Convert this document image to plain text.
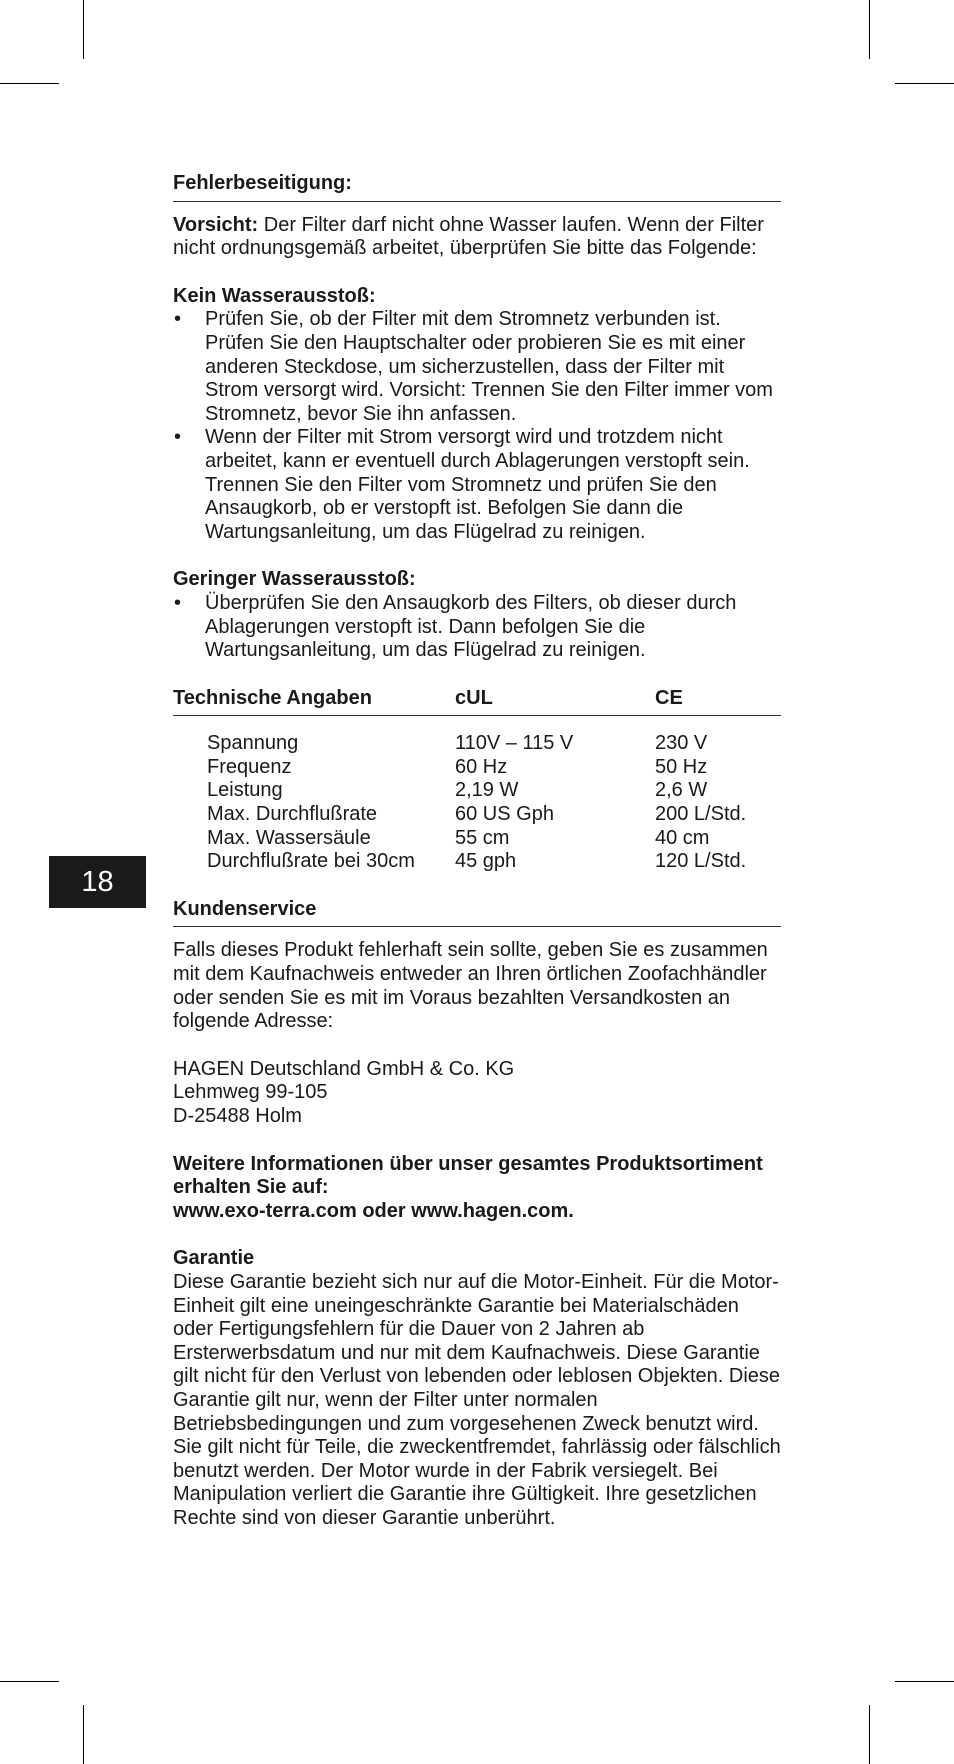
18

Fehlerbeseitigung:

Vorsicht: Der Filter darf nicht ohne Wasser laufen. Wenn der Filter nicht ordnungsgemäß arbeitet, überprüfen Sie bitte das Folgende:

Kein Wasserausstoß:

• Prüfen Sie, ob der Filter mit dem Stromnetz verbunden ist. Prüfen Sie den Hauptschalter oder probieren Sie es mit einer anderen Steckdose, um sicherzustellen, dass der Filter mit Strom versorgt wird. Vorsicht: Trennen Sie den Filter immer vom Stromnetz, bevor Sie ihn anfassen.
• Wenn der Filter mit Strom versorgt wird und trotzdem nicht arbeitet, kann er eventuell durch Ablagerungen verstopft sein. Trennen Sie den Filter vom Stromnetz und prüfen Sie den Ansaugkorb, ob er verstopft ist. Befolgen Sie dann die Wartungsanleitung, um das Flügelrad zu reinigen.

Geringer Wasserausstoß:

• Überprüfen Sie den Ansaugkorb des Filters, ob dieser durch Ablagerungen verstopft ist. Dann befolgen Sie die Wartungsanleitung, um das Flügelrad zu reinigen.
Technische Angaben	cUL	CE
Spannung	110V – 115 V	230 V
Frequenz	60 Hz	50 Hz
Leistung	2,19 W	2,6 W
Max. Durchflußrate	60 US Gph	200 L/Std.
Max. Wassersäule	55 cm	40 cm
Durchflußrate bei 30cm	45 gph	120 L/Std.

Kundenservice

Falls dieses Produkt fehlerhaft sein sollte, geben Sie es zusammen mit dem Kaufnachweis entweder an Ihren örtlichen Zoofachhändler oder senden Sie es mit im Voraus bezahlten Versandkosten an folgende Adresse:

HAGEN Deutschland GmbH & Co. KG

Lehmweg 99-105

D-25488 Holm

Weitere Informationen über unser gesamtes Produktsortiment erhalten Sie auf:

www.exo-terra.com oder www.hagen.com.

Garantie

Diese Garantie bezieht sich nur auf die Motor-Einheit. Für die Motor-Einheit gilt eine uneingeschränkte Garantie bei Materialschäden oder Fertigungsfehlern für die Dauer von 2 Jahren ab Ersterwerbsdatum und nur mit dem Kaufnachweis. Diese Garantie gilt nicht für den Verlust von lebenden oder leblosen Objekten. Diese Garantie gilt nur, wenn der Filter unter normalen Betriebsbedingungen und zum vorgesehenen Zweck benutzt wird. Sie gilt nicht für Teile, die zweckentfremdet, fahrlässig oder fälschlich benutzt werden. Der Motor wurde in der Fabrik versiegelt. Bei Manipulation verliert die Garantie ihre Gültigkeit. Ihre gesetzlichen Rechte sind von dieser Garantie unberührt.
